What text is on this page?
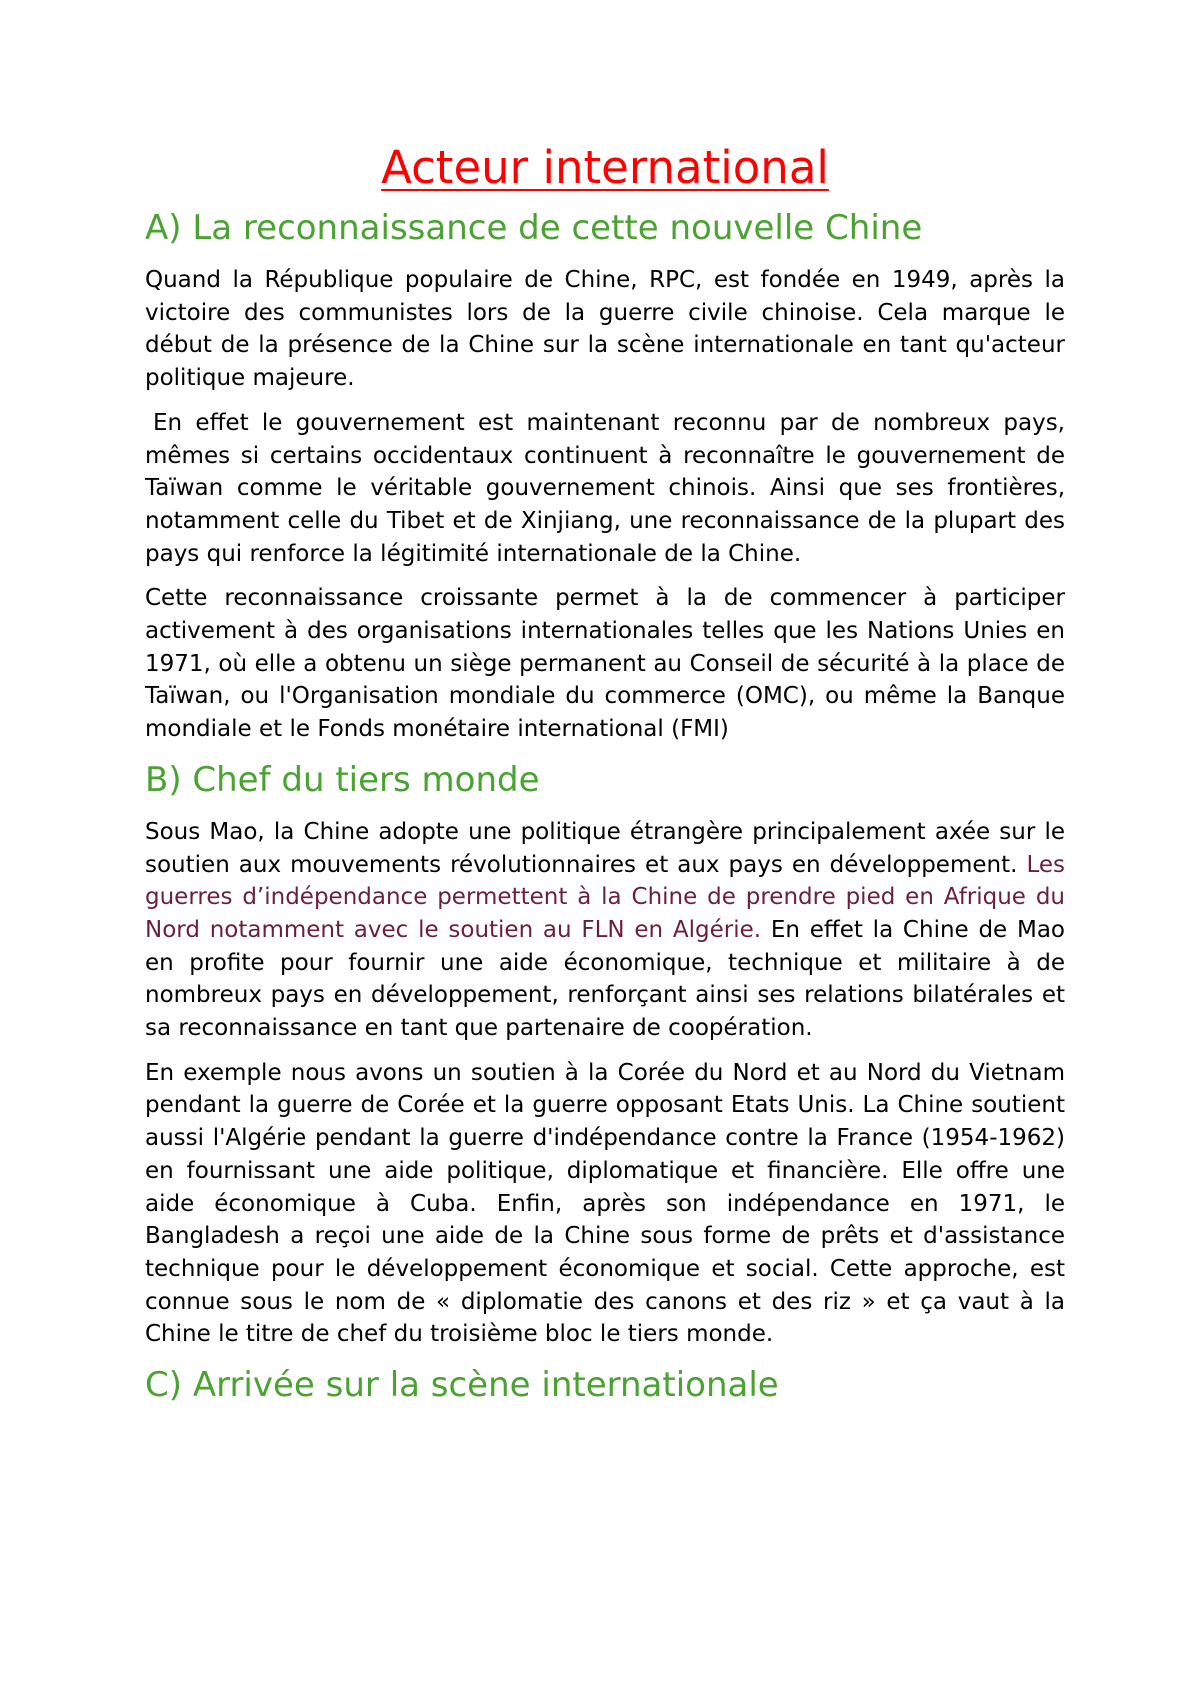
Acteur international
A) La reconnaissance de cette nouvelle Chine

Quand la République populaire de Chine, RPC, est fondée en 1949, après la victoire des communistes lors de la guerre civile chinoise. Cela marque le début de la présence de la Chine sur la scène internationale en tant qu'acteur politique majeure.

En effet le gouvernement est maintenant reconnu par de nombreux pays, mêmes si certains occidentaux continuent à reconnaître le gouvernement de Taïwan comme le véritable gouvernement chinois. Ainsi que ses frontières, notamment celle du Tibet et de Xinjiang, une reconnaissance de la plupart des pays qui renforce la légitimité internationale de la Chine.

Cette reconnaissance croissante permet à la de commencer à participer activement à des organisations internationales telles que les Nations Unies en 1971, où elle a obtenu un siège permanent au Conseil de sécurité à la place de Taïwan, ou l'Organisation mondiale du commerce (OMC), ou même la Banque mondiale et le Fonds monétaire international (FMI)

B) Chef du tiers monde

Sous Mao, la Chine adopte une politique étrangère principalement axée sur le soutien aux mouvements révolutionnaires et aux pays en développement. Les guerres d’indépendance permettent à la Chine de prendre pied en Afrique du Nord notamment avec le soutien au FLN en Algérie. En effet la Chine de Mao en profite pour fournir une aide économique, technique et militaire à de nombreux pays en développement, renforçant ainsi ses relations bilatérales et sa reconnaissance en tant que partenaire de coopération.

En exemple nous avons un soutien à la Corée du Nord et au Nord du Vietnam pendant la guerre de Corée et la guerre opposant Etats Unis. La Chine soutient aussi l'Algérie pendant la guerre d'indépendance contre la France (1954-1962) en fournissant une aide politique, diplomatique et financière. Elle offre une aide économique à Cuba. Enfin, après son indépendance en 1971, le Bangladesh a reçoi une aide de la Chine sous forme de prêts et d'assistance technique pour le développement économique et social. Cette approche, est connue sous le nom de « diplomatie des canons et des riz » et ça vaut à la Chine le titre de chef du troisième bloc le tiers monde.

C) Arrivée sur la scène internationale
